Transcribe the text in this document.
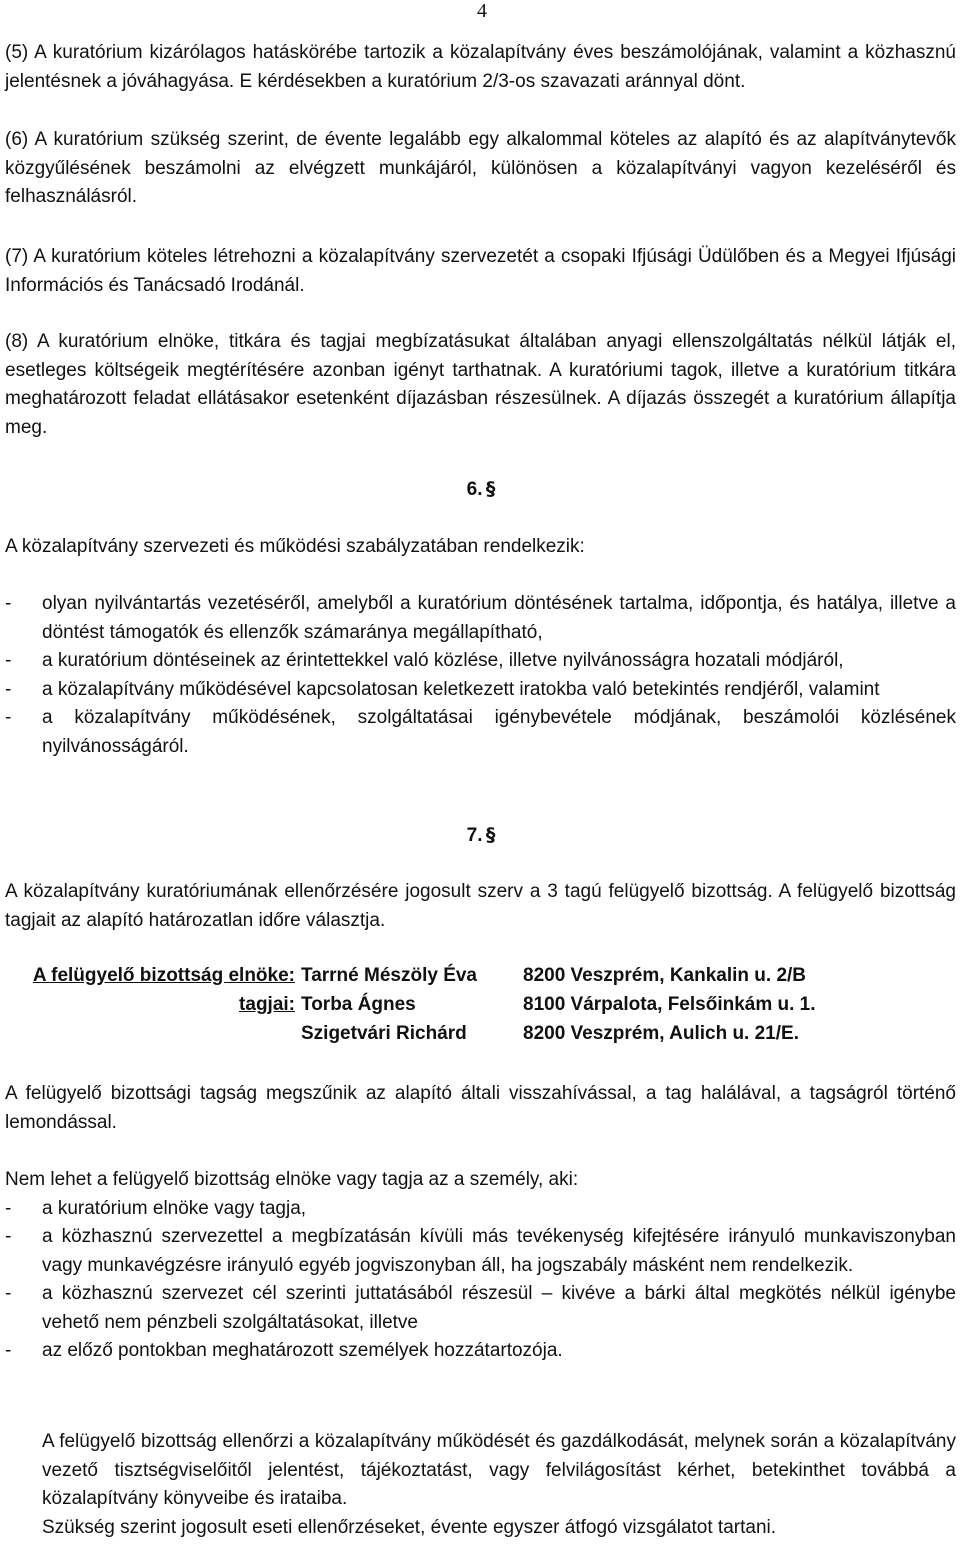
4

(5) A kuratórium kizárólagos hatáskörébe tartozik a közalapítvány éves beszámolójának, valamint a közhasznú jelentésnek a jóváhagyása. E kérdésekben a kuratórium 2/3-os szavazati aránnyal dönt.

(6) A kuratórium szükség szerint, de évente legalább egy alkalommal köteles az alapító és az alapítványtevők közgyűlésének beszámolni az elvégzett munkájáról, különösen a közalapítványi vagyon kezeléséről és felhasználásról.

(7) A kuratórium köteles létrehozni a közalapítvány szervezetét a csopaki Ifjúsági Üdülőben és a Megyei Ifjúsági Információs és Tanácsadó Irodánál.

(8) A kuratórium elnöke, titkára és tagjai megbízatásukat általában anyagi ellenszolgáltatás nélkül látják el, esetleges költségeik megtérítésére azonban igényt tarthatnak. A kuratóriumi tagok, illetve a kuratórium titkára meghatározott feladat ellátásakor esetenként díjazásban részesülnek. A díjazás összegét a kuratórium állapítja meg.

6. §

A közalapítvány szervezeti és működési szabályzatában rendelkezik:

- olyan nyilvántartás vezetéséről, amelyből a kuratórium döntésének tartalma, időpontja, és hatálya, illetve a döntést támogatók és ellenzők számaránya megállapítható,
- a kuratórium döntéseinek az érintettekkel való közlése, illetve nyilvánosságra hozatali módjáról,
- a közalapítvány működésével kapcsolatosan keletkezett iratokba való betekintés rendjéről, valamint
- a közalapítvány működésének, szolgáltatásai igénybevétele módjának, beszámolói közlésének nyilvánosságáról.
7. §

A közalapítvány kuratóriumának ellenőrzésére jogosult szerv a 3 tagú felügyelő bizottság. A felügyelő bizottság tagjait az alapító határozatlan időre választja.

A felügyelő bizottság elnöke: Tarrné Mészöly Éva 8200 Veszprém, Kankalin u. 2/B
tagjai: Torba Ágnes	8100 Várpalota, Felsőinkám u. 1.
Szigetvári Richárd	8200 Veszprém, Aulich u. 21/E.

A felügyelő bizottsági tagság megszűnik az alapító általi visszahívással, a tag halálával, a tagságról történő lemondással.

Nem lehet a felügyelő bizottság elnöke vagy tagja az a személy, aki:

- a kuratórium elnöke vagy tagja,
- a közhasznú szervezettel a megbízatásán kívüli más tevékenység kifejtésére irányuló munkaviszonyban vagy munkavégzésre irányuló egyéb jogviszonyban áll, ha jogszabály másként nem rendelkezik.
- a közhasznú szervezet cél szerinti juttatásából részesül – kivéve a bárki által megkötés nélkül igénybe vehető nem pénzbeli szolgáltatásokat, illetve
- az előző pontokban meghatározott személyek hozzátartozója.

A felügyelő bizottság ellenőrzi a közalapítvány működését és gazdálkodását, melynek során a közalapítvány vezető tisztségviselőitől jelentést, tájékoztatást, vagy felvilágosítást kérhet, betekinthet továbbá a közalapítvány könyveibe és irataiba.

Szükség szerint jogosult eseti ellenőrzéseket, évente egyszer átfogó vizsgálatot tartani.
